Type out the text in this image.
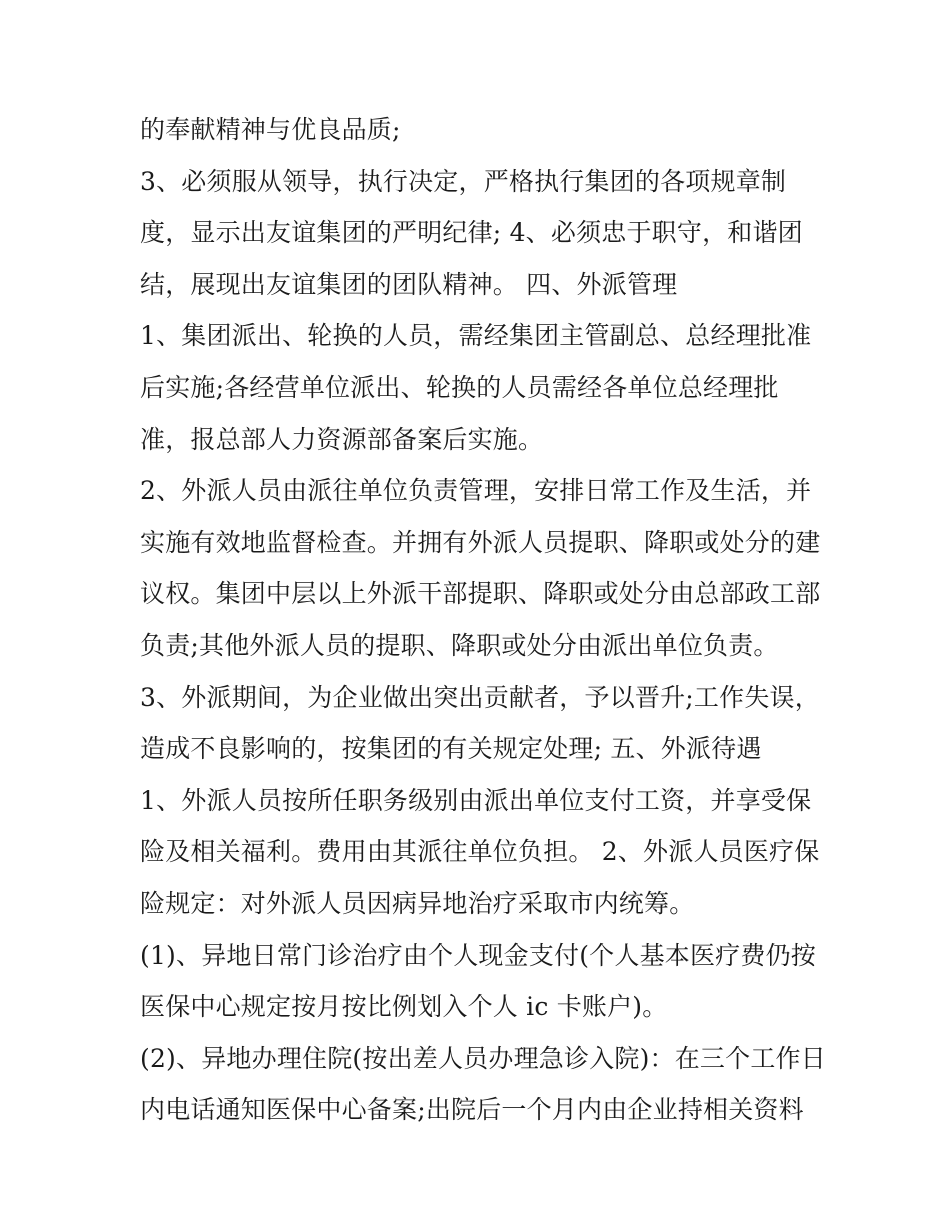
的奉献精神与优良品质;
3、必须服从领导，执行决定，严格执行集团的各项规章制
度，显示出友谊集团的严明纪律; 4、必须忠于职守，和谐团
结，展现出友谊集团的团队精神。 四、外派管理
1、集团派出、轮换的人员，需经集团主管副总、总经理批准
后实施;各经营单位派出、轮换的人员需经各单位总经理批
准，报总部人力资源部备案后实施。
2、外派人员由派往单位负责管理，安排日常工作及生活，并
实施有效地监督检查。并拥有外派人员提职、降职或处分的建
议权。集团中层以上外派干部提职、降职或处分由总部政工部
负责;其他外派人员的提职、降职或处分由派出单位负责。
3、外派期间，为企业做出突出贡献者，予以晋升;工作失误，
造成不良影响的，按集团的有关规定处理; 五、外派待遇
1、外派人员按所任职务级别由派出单位支付工资，并享受保
险及相关福利。费用由其派往单位负担。 2、外派人员医疗保
险规定：对外派人员因病异地治疗采取市内统筹。
(1)、异地日常门诊治疗由个人现金支付(个人基本医疗费仍按
医保中心规定按月按比例划入个人 ic 卡账户)。
(2)、异地办理住院(按出差人员办理急诊入院)：在三个工作日
内电话通知医保中心备案;出院后一个月内由企业持相关资料
